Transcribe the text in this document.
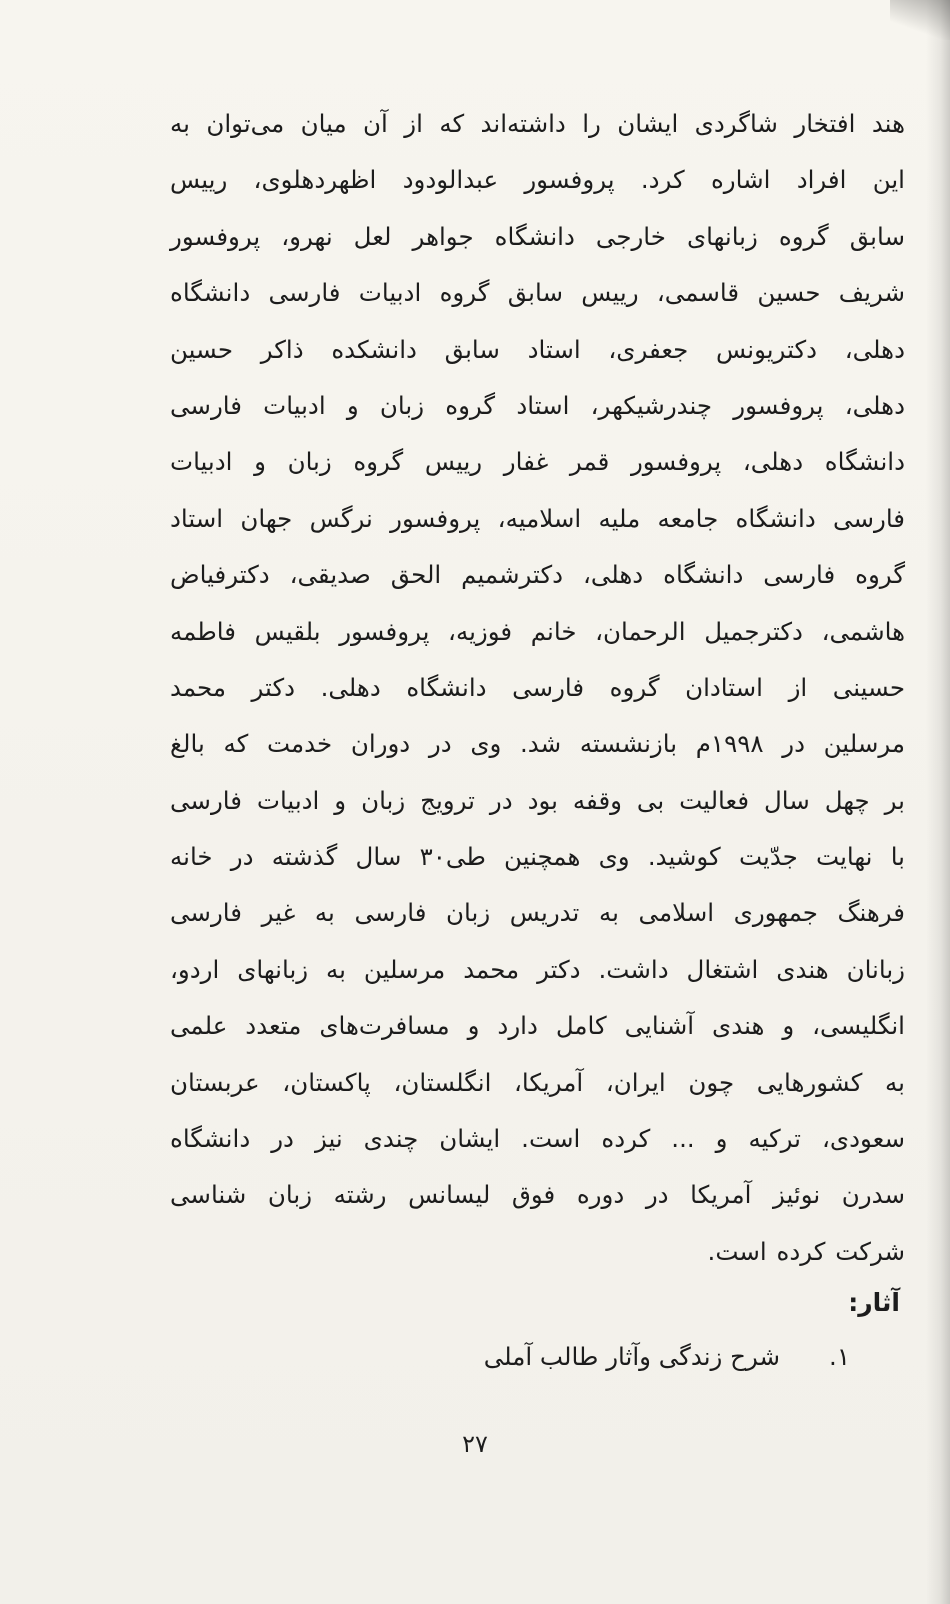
هند افتخار شاگردی ایشان را داشته‌اند که از آن میان می‌توان به
این افراد اشاره کرد. پروفسور عبدالودود اظهردهلوی، رییس
سابق گروه زبانهای خارجی دانشگاه جواهر لعل نهرو، پروفسور
شریف حسین قاسمی، رییس سابق گروه ادبیات فارسی دانشگاه
دهلی، دکتریونس جعفری، استاد سابق دانشکده ذاکر حسین
دهلی، پروفسور چندرشیکهر، استاد گروه زبان و ادبیات فارسی
دانشگاه دهلی، پروفسور قمر غفار رییس گروه زبان و ادبیات
فارسی دانشگاه جامعه ملیه اسلامیه، پروفسور نرگس جهان استاد
گروه فارسی دانشگاه دهلی، دکترشمیم الحق صدیقی، دکترفیاض
هاشمی، دکترجمیل الرحمان، خانم فوزیه، پروفسور بلقیس فاطمه
حسینی از استادان گروه فارسی دانشگاه دهلی. دکتر محمد
مرسلین در ۱۹۹۸م بازنشسته شد. وی در دوران خدمت که بالغ
بر چهل سال فعالیت بی وقفه بود در ترویج زبان و ادبیات فارسی
با نهایت جدّیت کوشید. وی همچنین طی۳۰ سال گذشته در خانه
فرهنگ جمهوری اسلامی به تدریس زبان فارسی به غیر فارسی
زبانان هندی اشتغال داشت. دکتر محمد مرسلین به زبانهای اردو،
انگلیسی، و هندی آشنایی کامل دارد و مسافرت‌های متعدد علمی
به کشورهایی چون ایران، آمریکا، انگلستان، پاکستان، عربستان
سعودی، ترکیه و ... کرده است. ایشان چندی نیز در دانشگاه
سدرن نوئیز آمریکا در دوره فوق لیسانس رشته زبان شناسی
شرکت کرده است.
آثار:
۱.شرح زندگی وآثار طالب آملی
۲۷
